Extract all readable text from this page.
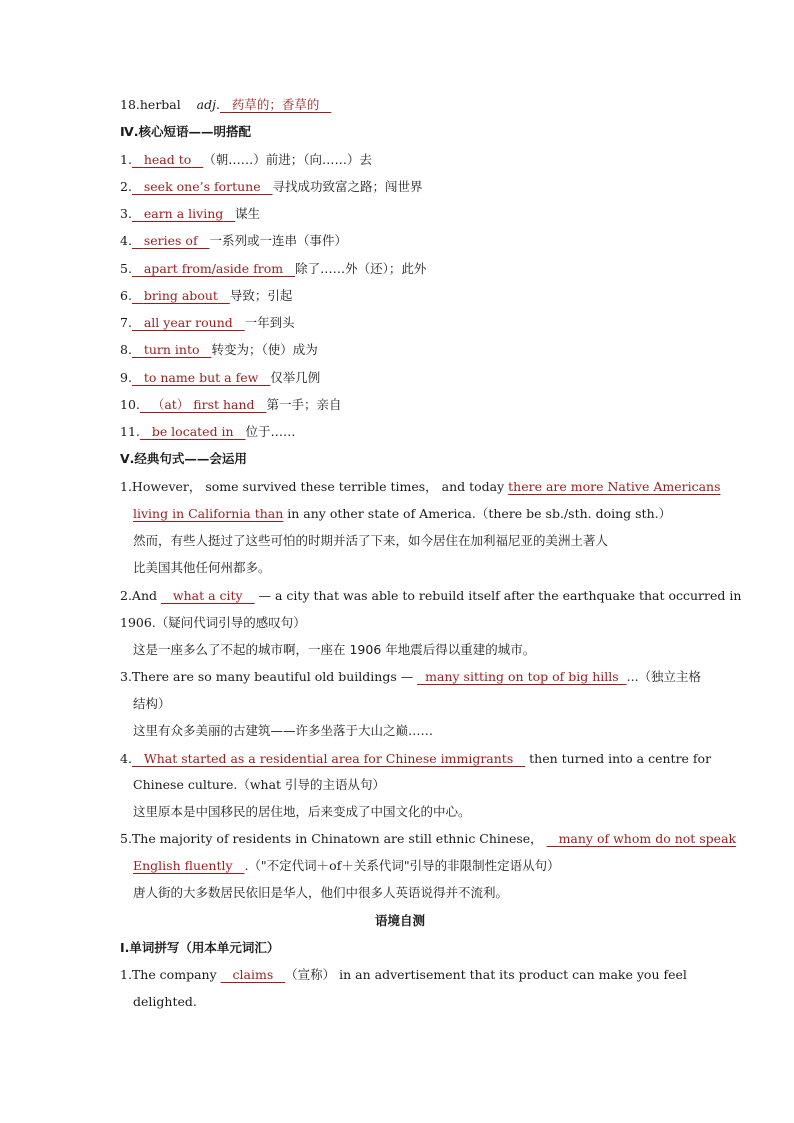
18.herbal adj. 药草的；香草的
Ⅳ.核心短语——明搭配
1. head to （朝……）前进；（向……）去
2. seek one’s fortune 寻找成功致富之路；闯世界
3. earn a living 谋生
4. series of 一系列或一连串（事件）
5. apart from/aside from 除了……外（还）；此外
6. bring about 导致；引起
7. all year round 一年到头
8. turn into 转变为；（使）成为
9. to name but a few 仅举几例
10. （at） first hand 第一手；亲自
11. be located in 位于……
Ⅴ.经典句式——会运用
1.However， some survived these terrible times， and today there are more Native Americans
living in California than in any other state of America.（there be sb./sth. doing sth.）
然而，有些人挺过了这些可怕的时期并活了下来，如今居住在加利福尼亚的美洲土著人
比美国其他任何州都多。
2.And    what a city    — a city that was able to rebuild itself after the earthquake that occurred in
1906.（疑问代词引导的感叹句）
这是一座多么了不起的城市啊，一座在 1906 年地震后得以重建的城市。
3.There are so many beautiful old buildings —   many sitting on top of big hills ...（独立主格
结构）
这里有众多美丽的古建筑——许多坐落于大山之巅……
4. What started as a residential area for Chinese immigrants    then turned into a centre for
Chinese culture.（what 引导的主语从句）
这里原本是中国移民的居住地，后来变成了中国文化的中心。
5.The majority of residents in Chinatown are still ethnic Chinese，    many of whom do not speak
English fluently .（"不定代词＋of＋关系代词"引导的非限制性定语从句）
唐人街的大多数居民依旧是华人，他们中很多人英语说得并不流利。
语境自测
Ⅰ.单词拼写（用本单元词汇）
1.The company    claims （宣称） in an advertisement that its product can make you feel
delighted.
